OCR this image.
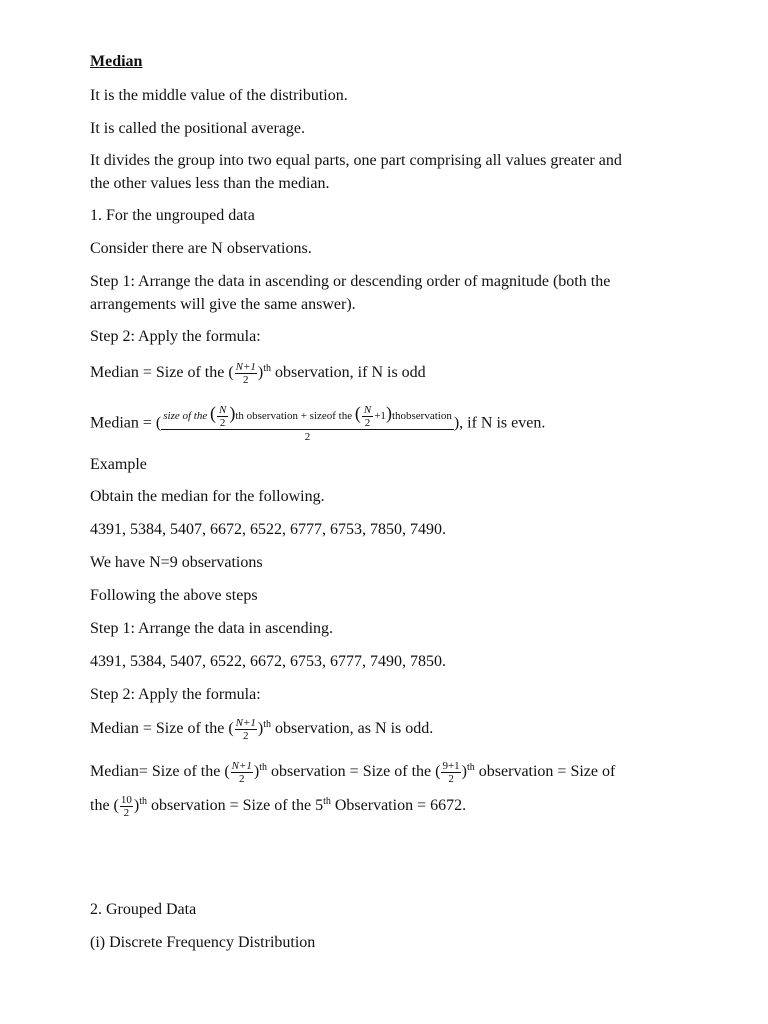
Median
It is the middle value of the distribution.
It is called the positional average.
It divides the group into two equal parts, one part comprising all values greater and
the other values less than the median.
1. For the ungrouped data
Consider there are N observations.
Step 1: Arrange the data in ascending or descending order of magnitude (both the
arrangements will give the same answer).
Step 2: Apply the formula:
Median = Size of the ( $\frac{N+1}{2} )^{th}$ observation, if N is odd
Median = ( size of the ( $\frac{N}{2} )th$ observation + sizeof the ( $\frac{N}{2}$ +1)thobservation
2
), if N is even.
Example
Obtain the median for the following.
4391, 5384, 5407, 6672, 6522, 6777, 6753, 7850, 7490.
We have N=9 observations
Following the above steps
Step 1: Arrange the data in ascending.
4391, 5384, 5407, 6522, 6672, 6753, 6777, 7490, 7850.
Step 2: Apply the formula:
Median = Size of the ( $\frac{N+1}{2} )^{th}$ observation, as N is odd.
Median= Size of the ( $\frac{N+1}{2} )^{th}$ observation = Size of the ( $\frac{9+1}{2} )^{th}$ observation = Size of
the ( $\frac{10}{2} )^{th}$ observation = Size of the 5th Observation = 6672.
2. Grouped Data
(i) Discrete Frequency Distribution
